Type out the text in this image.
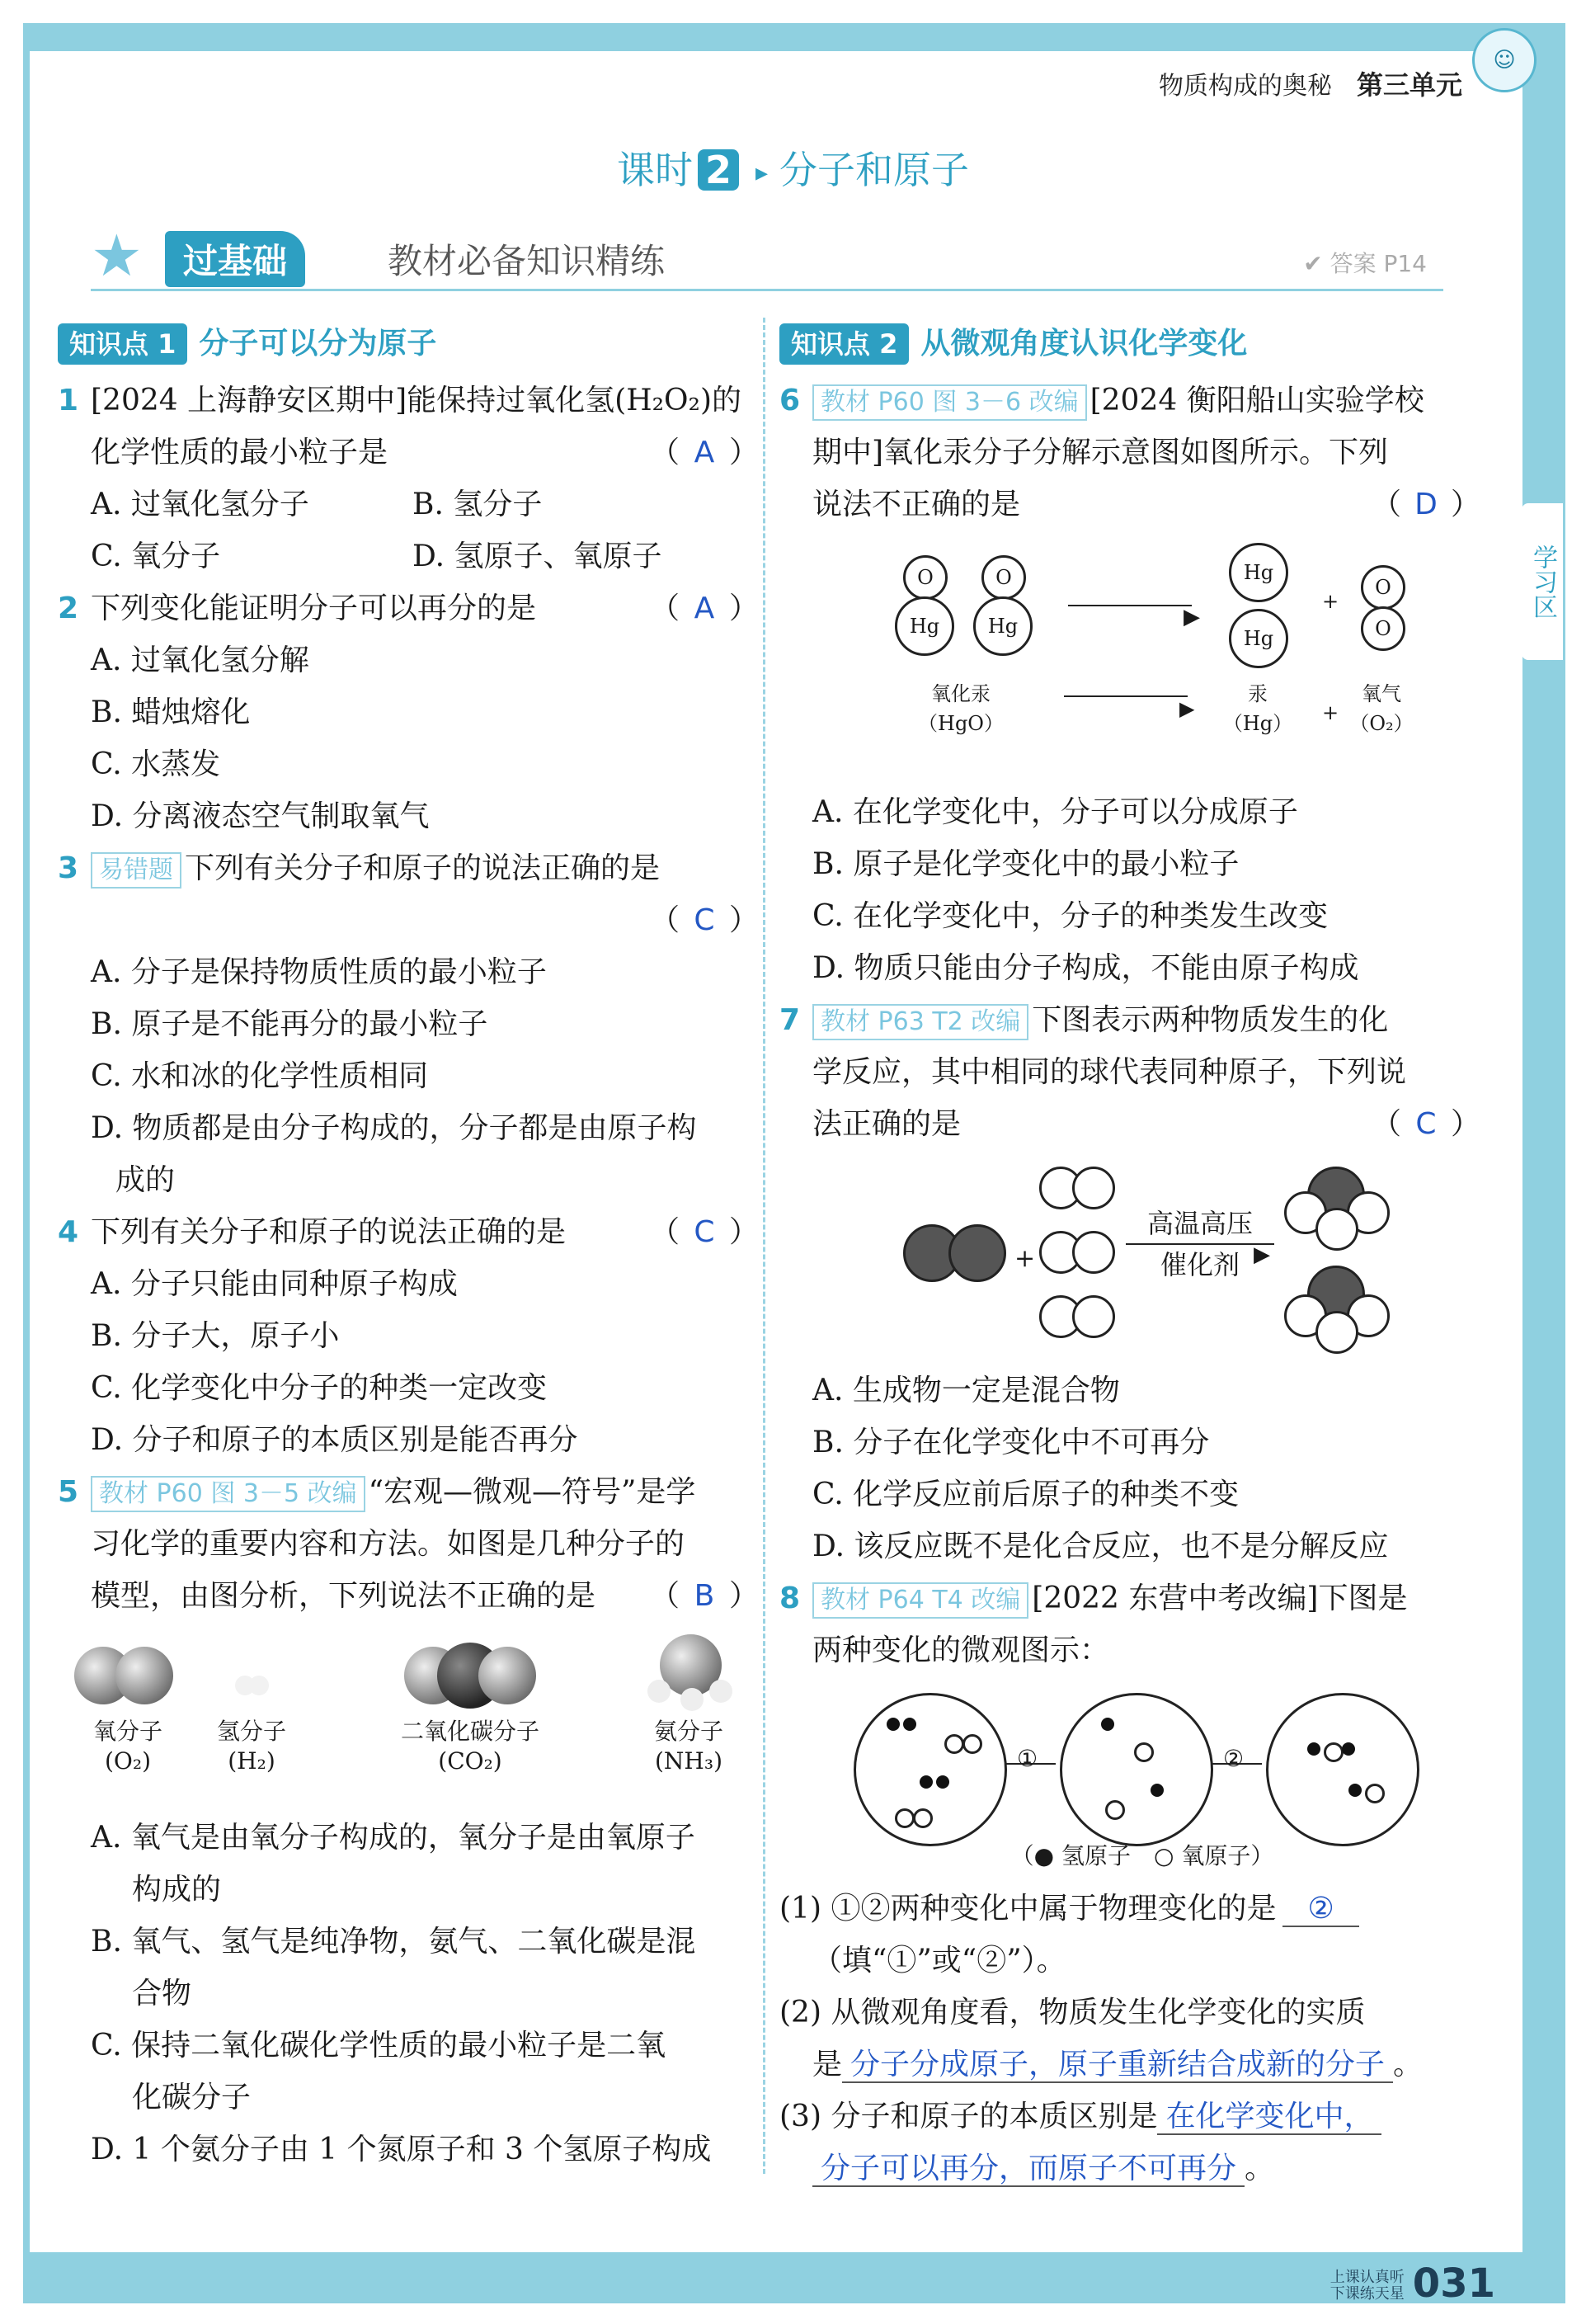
学习区
物质构成的奥秘 第三单元
☺
课时 2 ▸ 分子和原子
★	过基础	教材必备知识精练	✔ 答案 P14
知识点 1 分子可以分为原子
1 [2024 上海静安区期中]能保持过氧化氢(H₂O₂)的化学性质的最小粒子是	（ A ）
A. 过氧化氢分子	B. 氢分子
C. 氧分子	D. 氢原子、氧原子
2 下列变化能证明分子可以再分的是	（ A ）
A. 过氧化氢分解
B. 蜡烛熔化
C. 水蒸发
D. 分离液态空气制取氧气
3 易错题 下列有关分子和原子的说法正确的是
（ C ）
A. 分子是保持物质性质的最小粒子
B. 原子是不能再分的最小粒子
C. 水和冰的化学性质相同
D. 物质都是由分子构成的，分子都是由原子构
成的
4 下列有关分子和原子的说法正确的是	（ C ）
A. 分子只能由同种原子构成
B. 分子大，原子小
C. 化学变化中分子的种类一定改变
D. 分子和原子的本质区别是能否再分
5 教材 P60 图 3－5 改编 “宏观—微观—符号”是学
习化学的重要内容和方法。如图是几种分子的
模型，由图分析，下列说法不正确的是 （ B ）
氧分子
(O₂)
氢分子
(H₂)
二氧化碳分子
(CO₂)
氨分子
(NH₃)
A. 氧气是由氧分子构成的，氧分子是由氧原子
构成的
B. 氧气、氢气是纯净物，氨气、二氧化碳是混
合物
C. 保持二氧化碳化学性质的最小粒子是二氧
化碳分子
D. 1 个氨分子由 1 个氮原子和 3 个氢原子构成
知识点 2 从微观角度认识化学变化
6 教材 P60 图 3－6 改编 [2024 衡阳船山实验学校
期中]氧化汞分子分解示意图如图所示。下列
说法不正确的是	（ D ）
O
Hg
O
Hg	▶
Hg
Hg
+
O
O
氧化汞
（HgO）
▶
汞
（Hg）	+
氧气
（O₂）
A. 在化学变化中，分子可以分成原子
B. 原子是化学变化中的最小粒子
C. 在化学变化中，分子的种类发生改变
D. 物质只能由分子构成，不能由原子构成
7 教材 P63 T2 改编 下图表示两种物质发生的化
学反应，其中相同的球代表同种原子，下列说
法正确的是	（ C ）
+
高温高压
催化剂 ▶
A. 生成物一定是混合物
B. 分子在化学变化中不可再分
C. 化学反应前后原子的种类不变
D. 该反应既不是化合反应，也不是分解反应
8 教材 P64 T4 改编 [2022 东营中考改编]下图是
两种变化的微观图示：
①	②
（● 氢原子　○ 氧原子）
(1) ①②两种变化中属于物理变化的是 ②
（填“①”或“②”）。
(2) 从微观角度看，物质发生化学变化的实质
是 分子分成原子，原子重新结合成新的分子 。
(3) 分子和原子的本质区别是 在化学变化中，
分子可以再分，而原子不可再分 。
上课认真听
下课练天星 031
